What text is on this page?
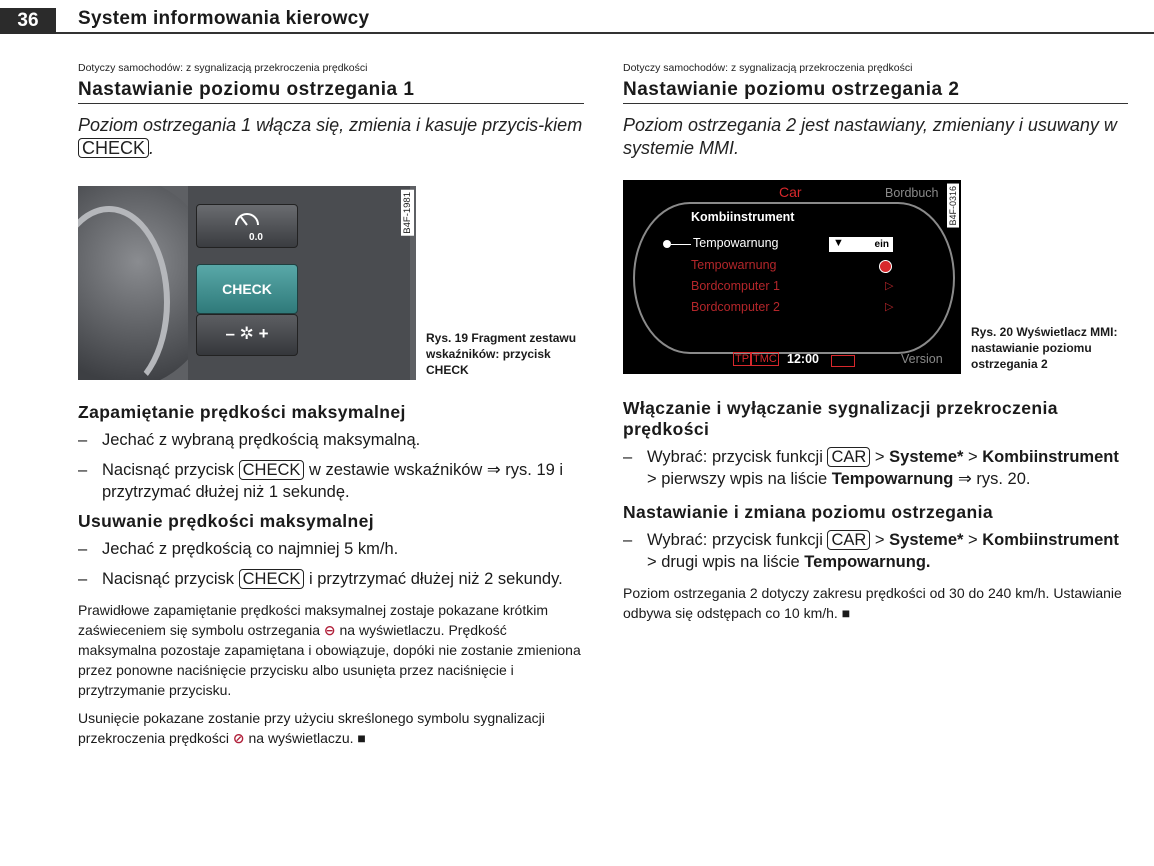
36	System informowania kierowcy

Dotyczy samochodów: z sygnalizacją przekroczenia prędkości

Nastawianie poziomu ostrzegania 1

Poziom ostrzegania 1 włącza się, zmienia i kasuje przycis-kiem CHECK .

0.0
CHECK
– ✲ +
B4F-1981
Rys. 19 Fragment zestawu wskaźników: przycisk CHECK
Zapamiętanie prędkości maksymalnej
– Jechać z wybraną prędkością maksymalną.
– Nacisnąć przycisk CHECK w zestawie wskaźników ⇒ rys. 19 i przytrzymać dłużej niż 1 sekundę.
Usuwanie prędkości maksymalnej
– Jechać z prędkością co najmniej 5 km/h.
– Nacisnąć przycisk CHECK i przytrzymać dłużej niż 2 sekundy.

Prawidłowe zapamiętanie prędkości maksymalnej zostaje pokazane krótkim zaświeceniem się symbolu ostrzegania ⊖ na wyświetlaczu. Prędkość maksymalna pozostaje zapamiętana i obowiązuje, dopóki nie zostanie zmieniona przez ponowne naciśnięcie przycisku albo usunięta przez naciśnięcie i przytrzymanie przycisku.

Usunięcie pokazane zostanie przy użyciu skreślonego symbolu sygnalizacji przekroczenia prędkości ⊘ na wyświetlaczu. ■

Dotyczy samochodów: z sygnalizacją przekroczenia prędkości

Nastawianie poziomu ostrzegania 2

Poziom ostrzegania 2 jest nastawiany, zmieniany i usuwany w systemie MMI.

Car	Bordbuch
Kombiinstrument
Tempowarnung	▼	ein
Tempowarnung
Bordcomputer 1	▷
Bordcomputer 2	▷
TP TMC 12:00	Version
B4F-0316
Rys. 20 Wyświetlacz MMI: nastawianie poziomu ostrzegania 2
Włączanie i wyłączanie sygnalizacji przekroczenia prędkości
– Wybrać: przycisk funkcji CAR > Systeme* > Kombiinstrument > pierwszy wpis na liście Tempowarnung ⇒ rys. 20.
Nastawianie i zmiana poziomu ostrzegania
– Wybrać: przycisk funkcji CAR > Systeme* > Kombiinstrument > drugi wpis na liście Tempowarnung.

Poziom ostrzegania 2 dotyczy zakresu prędkości od 30 do 240 km/h. Ustawianie odbywa się odstępach co 10 km/h. ■
